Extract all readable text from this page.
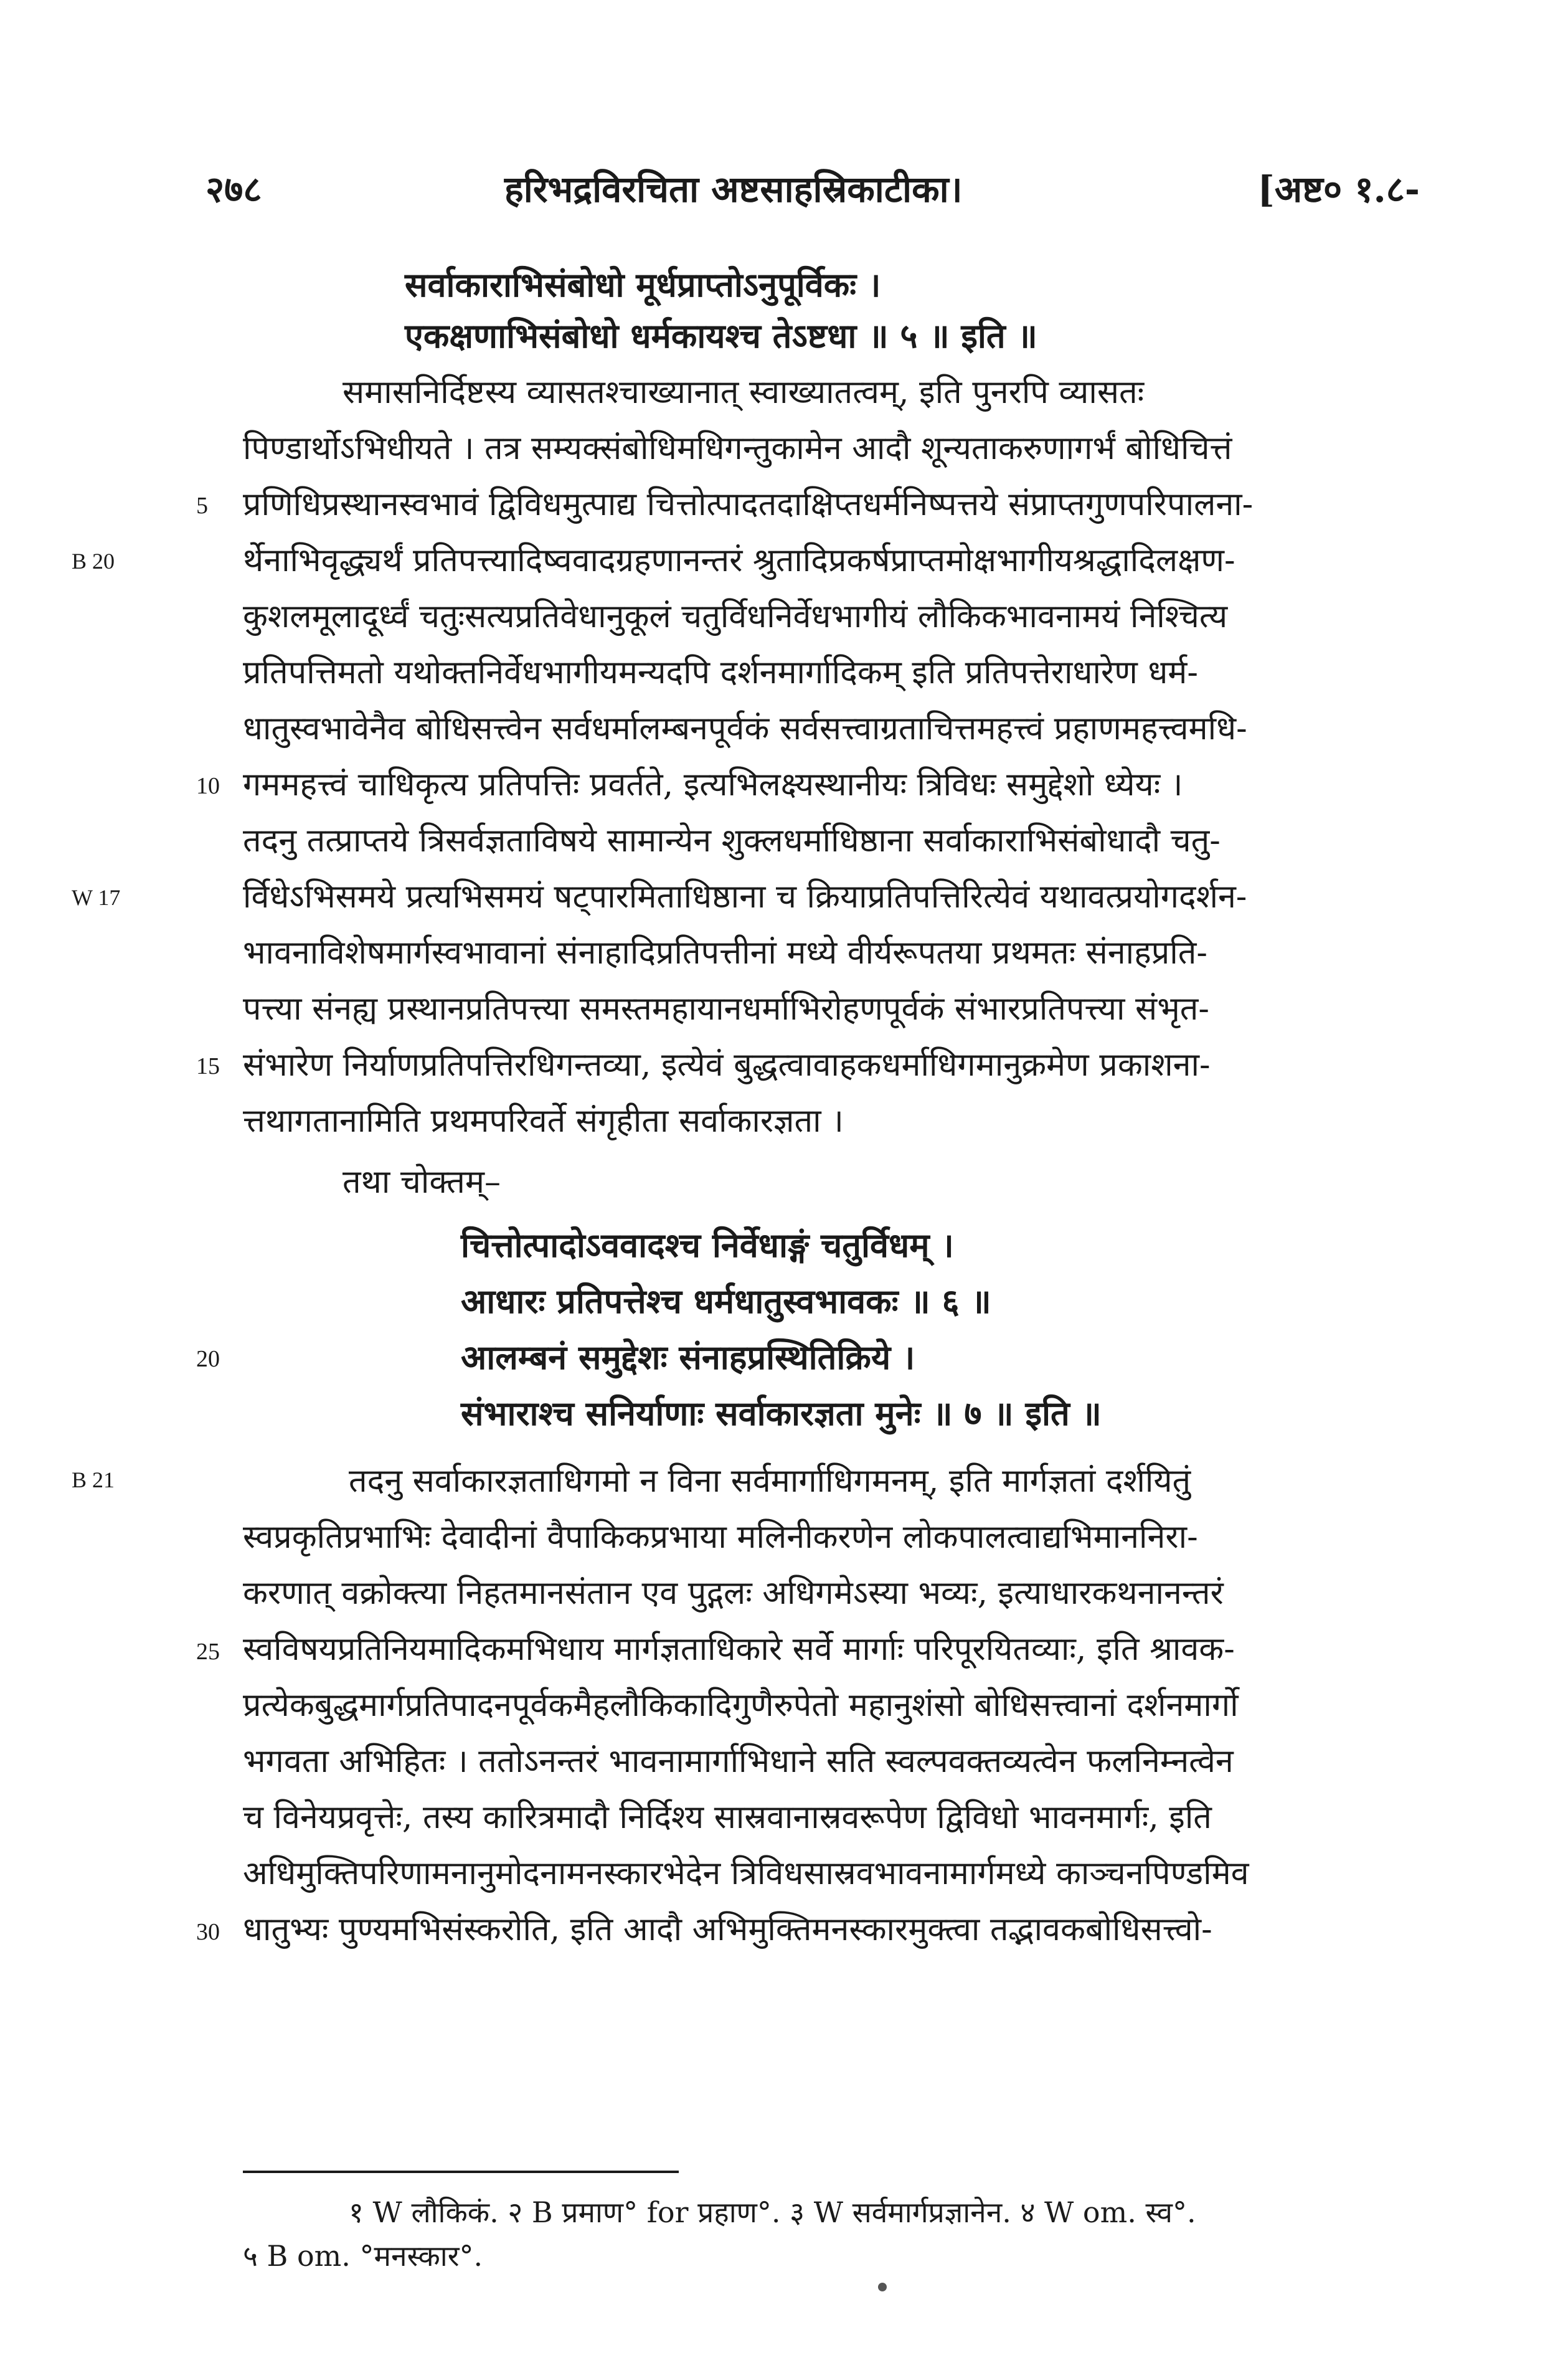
२७८	हरिभद्रविरचिता अष्टसाहस्रिकाटीका।	[अष्ट० १.८-
सर्वाकाराभिसंबोधो मूर्धप्राप्तोऽनुपूर्विकः ।
एकक्षणाभिसंबोधो धर्मकायश्च तेऽष्टधा ॥ ५ ॥ इति ॥
समासनिर्दिष्टस्य व्यासतश्चाख्यानात् स्वाख्यातत्वम्, इति पुनरपि व्यासतः
पिण्डार्थोऽभिधीयते । तत्र सम्यक्संबोधिमधिगन्तुकामेन आदौ शून्यताकरुणागर्भं बोधिचित्तं
प्रणिधिप्रस्थानस्वभावं द्विविधमुत्पाद्य चित्तोत्पादतदाक्षिप्तधर्मनिष्पत्तये संप्राप्तगुणपरिपालना-
र्थेनाभिवृद्ध्यर्थं प्रतिपत्त्यादिष्ववादग्रहणानन्तरं श्रुतादिप्रकर्षप्राप्तमोक्षभागीयश्रद्धादिलक्षण-
कुशलमूलादूर्ध्वं चतुःसत्यप्रतिवेधानुकूलं चतुर्विधनिर्वेधभागीयं लौकिकभावनामयं निश्चित्य
प्रतिपत्तिमतो यथोक्तनिर्वेधभागीयमन्यदपि दर्शनमार्गादिकम् इति प्रतिपत्तेराधारेण धर्म-
धातुस्वभावेनैव बोधिसत्त्वेन सर्वधर्मालम्बनपूर्वकं सर्वसत्त्वाग्रताचित्तमहत्त्वं प्रहाणमहत्त्वमधि-
गममहत्त्वं चाधिकृत्य प्रतिपत्तिः प्रवर्तते, इत्यभिलक्ष्यस्थानीयः त्रिविधः समुद्देशो ध्येयः ।
तदनु तत्प्राप्तये त्रिसर्वज्ञताविषये सामान्येन शुक्लधर्माधिष्ठाना सर्वाकाराभिसंबोधादौ चतु-
र्विधेऽभिसमये प्रत्यभिसमयं षट्पारमिताधिष्ठाना च क्रियाप्रतिपत्तिरित्येवं यथावत्प्रयोगदर्शन-
भावनाविशेषमार्गस्वभावानां संनाहादिप्रतिपत्तीनां मध्ये वीर्यरूपतया प्रथमतः संनाहप्रति-
पत्त्या संनह्य प्रस्थानप्रतिपत्त्या समस्तमहायानधर्माभिरोहणपूर्वकं संभारप्रतिपत्त्या संभृत-
संभारेण निर्याणप्रतिपत्तिरधिगन्तव्या, इत्येवं बुद्धत्वावाहकधर्माधिगमानुक्रमेण प्रकाशना-
त्तथागतानामिति प्रथमपरिवर्ते संगृहीता सर्वाकारज्ञता ।
तथा चोक्तम्–
चित्तोत्पादोऽववादश्च निर्वेधाङ्गं चतुर्विधम् ।
आधारः प्रतिपत्तेश्च धर्मधातुस्वभावकः ॥ ६ ॥
आलम्बनं समुद्देशः संनाहप्रस्थितिक्रिये ।
संभाराश्च सनिर्याणाः सर्वाकारज्ञता मुनेः ॥ ७ ॥ इति ॥
तदनु सर्वाकारज्ञताधिगमो न विना सर्वमार्गाधिगमनम्, इति मार्गज्ञतां दर्शयितुं
स्वप्रकृतिप्रभाभिः देवादीनां वैपाकिकप्रभाया मलिनीकरणेन लोकपालत्वाद्यभिमाननिरा-
करणात् वक्रोक्त्या निहतमानसंतान एव पुद्गलः अधिगमेऽस्या भव्यः, इत्याधारकथनानन्तरं
स्वविषयप्रतिनियमादिकमभिधाय मार्गज्ञताधिकारे सर्वे मार्गाः परिपूरयितव्याः, इति श्रावक-
प्रत्येकबुद्धमार्गप्रतिपादनपूर्वकमैहलौकिकादिगुणैरुपेतो महानुशंसो बोधिसत्त्वानां दर्शनमार्गो
भगवता अभिहितः । ततोऽनन्तरं भावनामार्गाभिधाने सति स्वल्पवक्तव्यत्वेन फलनिम्नत्वेन
च विनेयप्रवृत्तेः, तस्य कारित्रमादौ निर्दिश्य सास्रवानास्रवरूपेण द्विविधो भावनमार्गः, इति
अधिमुक्तिपरिणामनानुमोदनामनस्कारभेदेन त्रिविधसास्रवभावनामार्गमध्ये काञ्चनपिण्डमिव
धातुभ्यः पुण्यमभिसंस्करोति, इति आदौ अभिमुक्तिमनस्कारमुक्त्वा तद्भावकबोधिसत्त्वो-
5
10
15
20
25
30
B 20
W 17
B 21
१ W लौकिकं. २ B प्रमाण° for प्रहाण°. ३ W सर्वमार्गप्रज्ञानेन. ४ W om. स्व°.
५ B om. °मनस्कार°.
